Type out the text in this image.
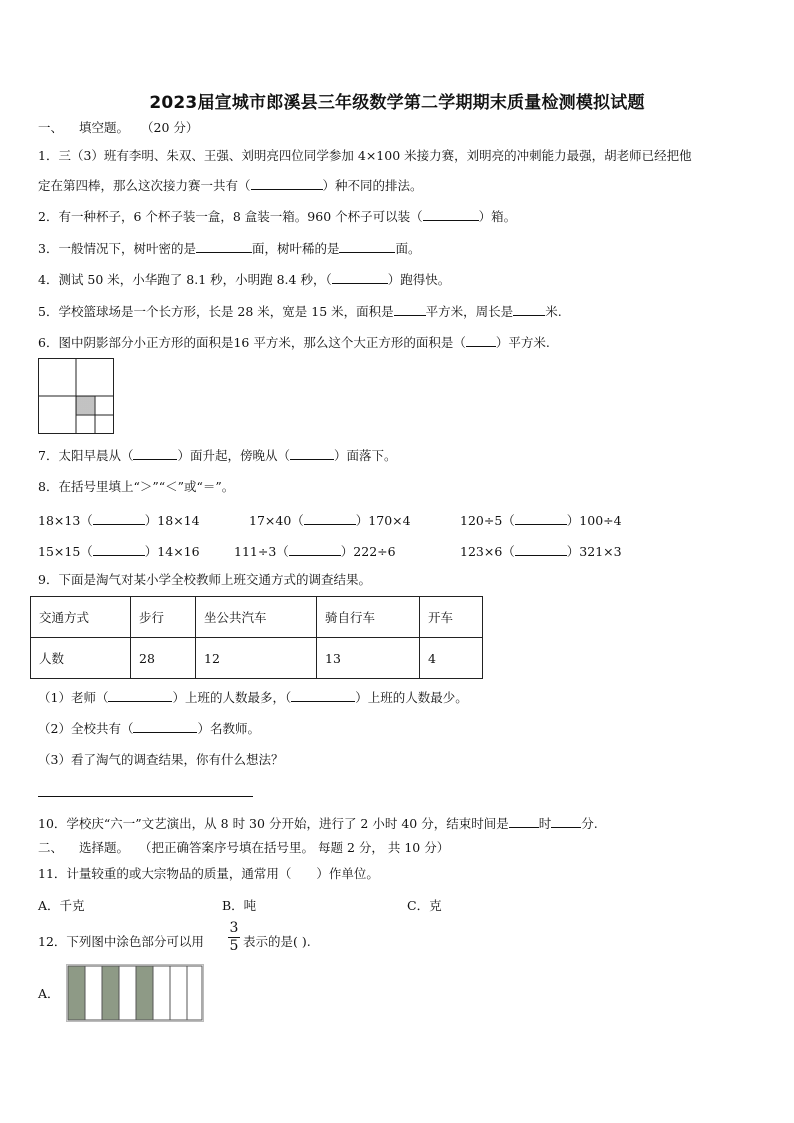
2023届宣城市郎溪县三年级数学第二学期期末质量检测模拟试题
一、 填空题。 （20 分）
1．三（3）班有李明、朱双、王强、刘明亮四位同学参加 4×100 米接力赛，刘明亮的冲刺能力最强，胡老师已经把他
定在第四棒，那么这次接力赛一共有（	）种不同的排法。
2．有一种杯子，6 个杯子装一盒，8 盒装一箱。960 个杯子可以装（	）箱。
3．一般情况下，树叶密的是	面，树叶稀的是	面。
4．测试 50 米，小华跑了 8.1 秒，小明跑 8.4 秒，（	）跑得快。
5．学校篮球场是一个长方形，长是 28 米，宽是 15 米，面积是	平方米，周长是	米.
6．图中阴影部分小正方形的面积是16 平方米，那么这个大正方形的面积是（ ）平方米.
7．太阳早晨从（	）面升起，傍晚从（	）面落下。
8．在括号里填上“＞”“＜”或“＝”。
18×13（	）18×14	17×40（	）170×4	120÷5（	）100÷4
15×15（	）14×16	111÷3（	）222÷6	123×6（	）321×3
9．下面是淘气对某小学全校教师上班交通方式的调查结果。
交通方式	步行	坐公共汽车	骑自行车	开车
人数	28	12	13	4
（1）老师（	）上班的人数最多，（	）上班的人数最少。
（2）全校共有（	）名教师。
（3）看了淘气的调查结果，你有什么想法？
10．学校庆“六一”文艺演出，从 8 时 30 分开始，进行了 2 小时 40 分，结束时间是 时 分.
二、 选择题。 （把正确答案序号填在括号里。 每题 2 分， 共 10 分）
11．计量较重的或大宗物品的质量，通常用（　　）作单位。
A．千克	B．吨	C．克
12．下列图中涂色部分可以用
3
5 表示的是( ).
A．
